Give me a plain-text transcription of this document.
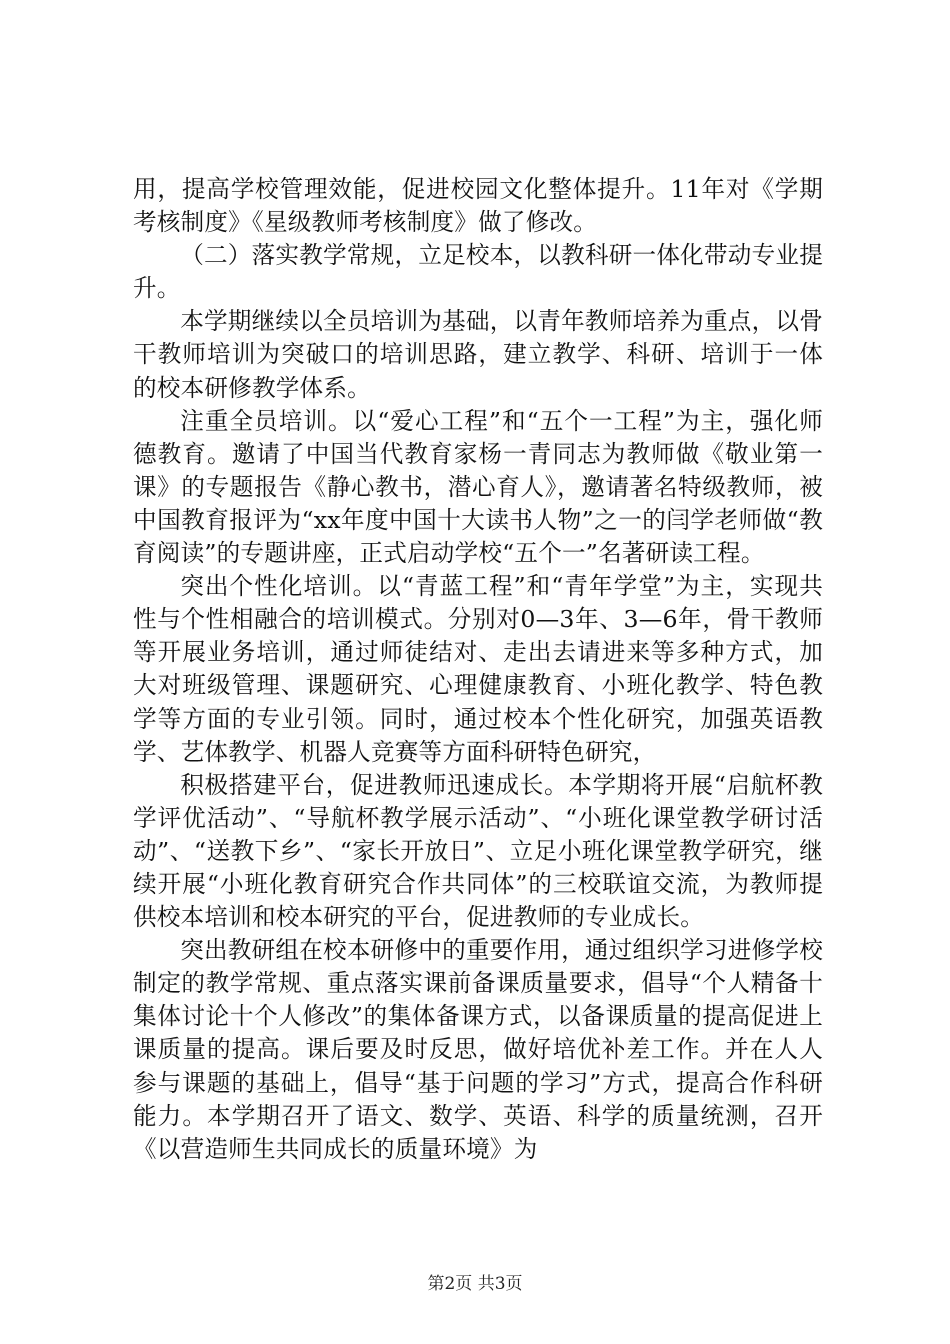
用，提高学校管理效能，促进校园文化整体提升。11年对《学期考核制度》《星级教师考核制度》做了修改。

（二）落实教学常规，立足校本，以教科研一体化带动专业提升。

本学期继续以全员培训为基础，以青年教师培养为重点，以骨干教师培训为突破口的培训思路，建立教学、科研、培训于一体的校本研修教学体系。

注重全员培训。以“爱心工程”和“五个一工程”为主，强化师德教育。邀请了中国当代教育家杨一青同志为教师做《敬业第一课》的专题报告《静心教书，潜心育人》，邀请著名特级教师，被中国教育报评为“xx年度中国十大读书人物”之一的闫学老师做“教育阅读”的专题讲座，正式启动学校“五个一”名著研读工程。

突出个性化培训。以“青蓝工程”和“青年学堂”为主，实现共性与个性相融合的培训模式。分别对0—3年、3—6年，骨干教师等开展业务培训，通过师徒结对、走出去请进来等多种方式，加大对班级管理、课题研究、心理健康教育、小班化教学、特色教学等方面的专业引领。同时，通过校本个性化研究，加强英语教学、艺体教学、机器人竞赛等方面科研特色研究，

积极搭建平台，促进教师迅速成长。本学期将开展“启航杯教学评优活动”、“导航杯教学展示活动”、“小班化课堂教学研讨活动”、“送教下乡”、“家长开放日”、立足小班化课堂教学研究，继续开展“小班化教育研究合作共同体”的三校联谊交流，为教师提供校本培训和校本研究的平台，促进教师的专业成长。

突出教研组在校本研修中的重要作用，通过组织学习进修学校制定的教学常规、重点落实课前备课质量要求，倡导“个人精备十集体讨论十个人修改”的集体备课方式，以备课质量的提高促进上课质量的提高。课后要及时反思，做好培优补差工作。并在人人参与课题的基础上，倡导“基于问题的学习”方式，提高合作科研能力。本学期召开了语文、数学、英语、科学的质量统测，召开《以营造师生共同成长的质量环境》为

第2页 共3页
